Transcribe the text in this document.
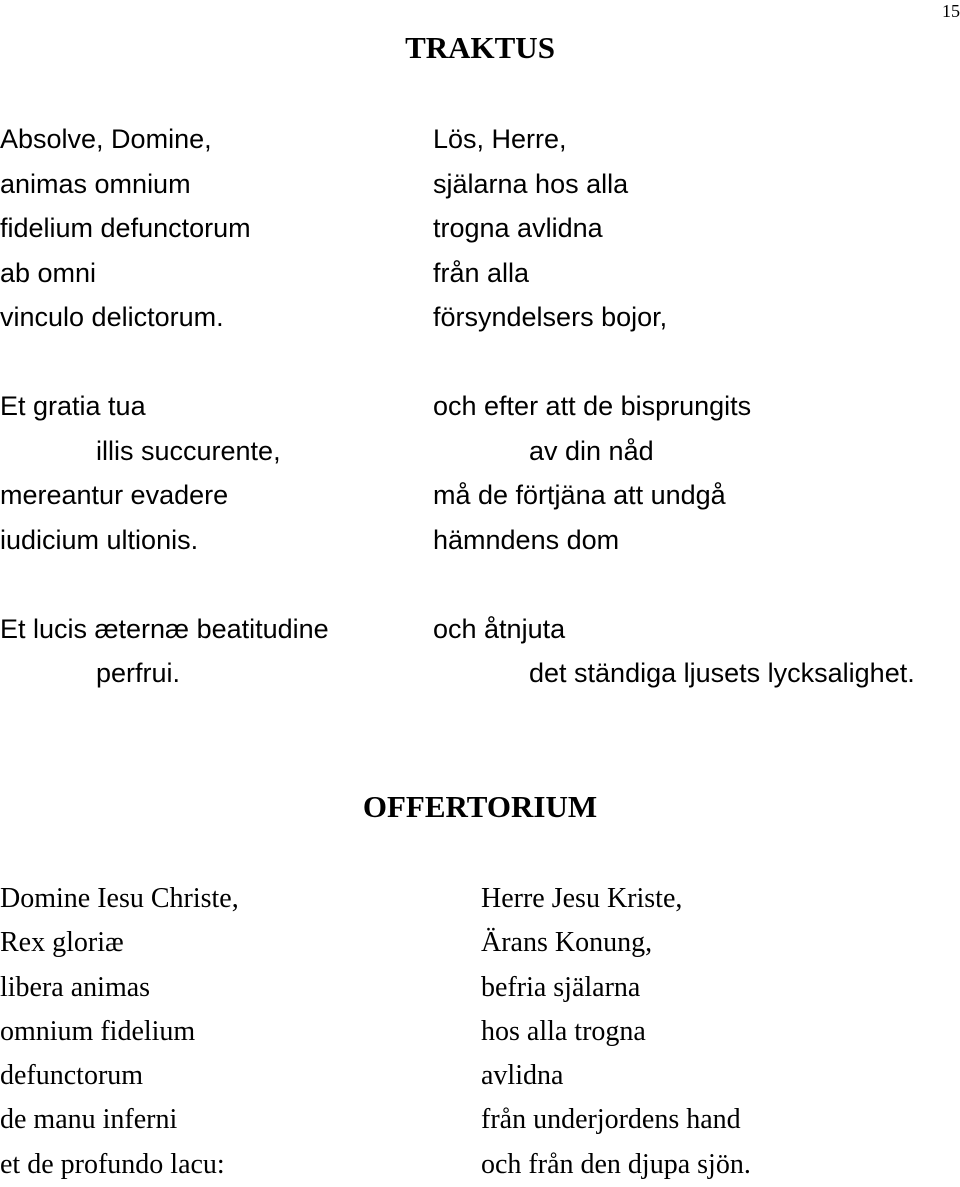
15
TRAKTUS
Absolve, Domine,
animas omnium
fidelium defunctorum
ab omni
vinculo delictorum.
Et gratia tua
illis succurente,
mereantur evadere
iudicium ultionis.
Et lucis æternæ beatitudine
perfrui.
Lös, Herre,
själarna hos alla
trogna avlidna
från alla
försyndelsers bojor,
och efter att de bisprungits
av din nåd
må de förtjäna att undgå
hämndens dom
och åtnjuta
det ständiga ljusets lycksalighet.
OFFERTORIUM
Domine Iesu Christe,
Rex gloriæ
libera animas
omnium fidelium
defunctorum
de manu inferni
et de profundo lacu:
Herre Jesu Kriste,
Ärans Konung,
befria själarna
hos alla trogna
avlidna
från underjordens hand
och från den djupa sjön.
